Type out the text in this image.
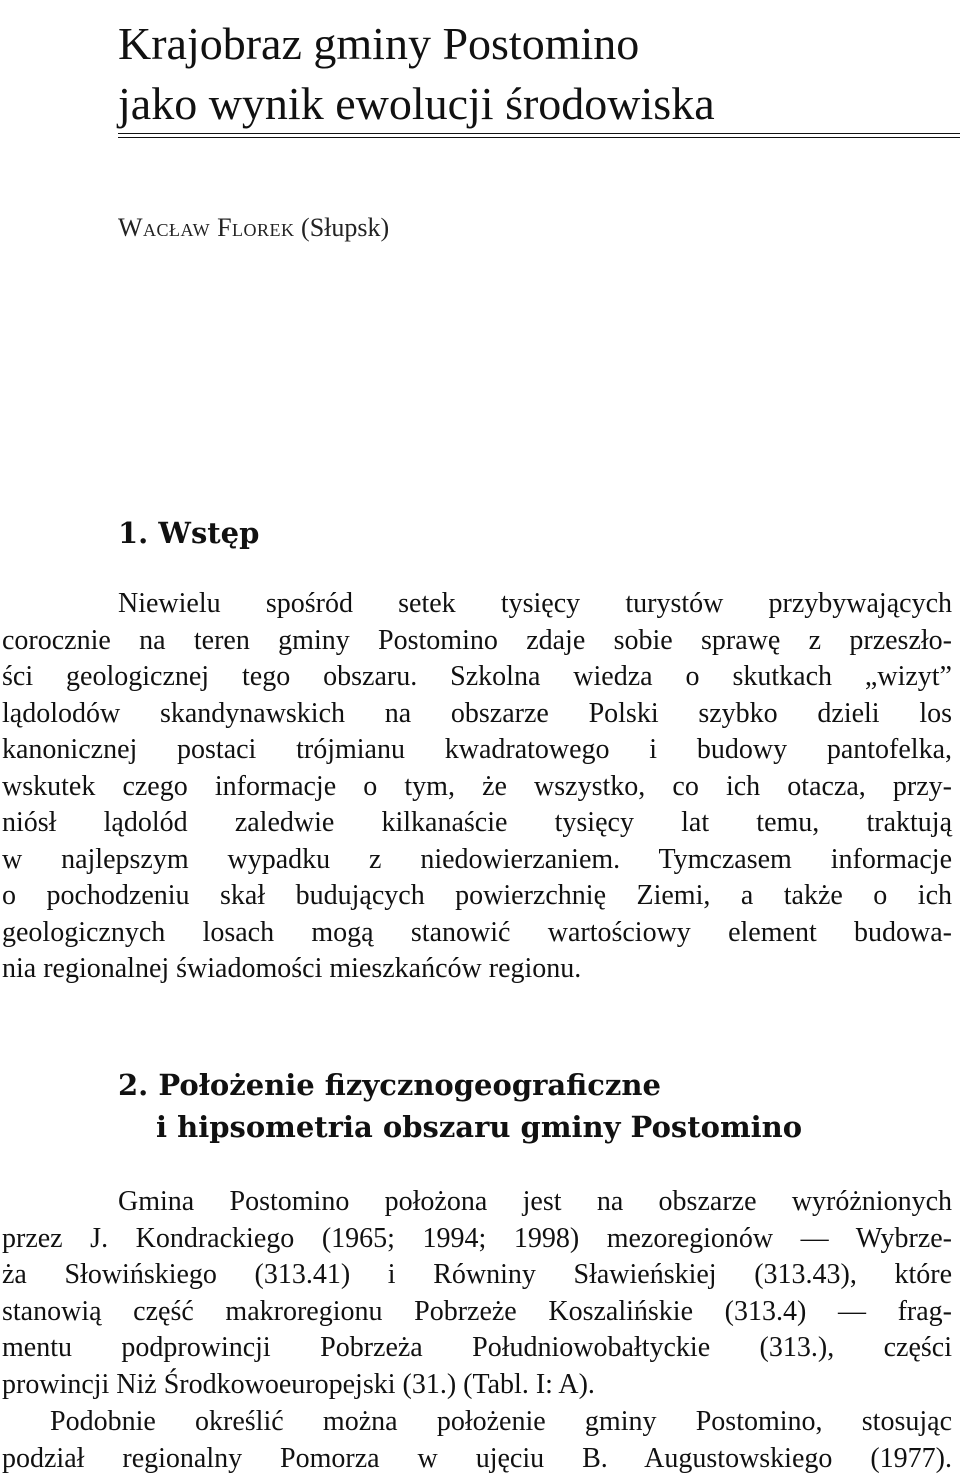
Krajobraz gminy Postomino
jako wynik ewolucji środowiska
Wacław Florek (Słupsk)
1. Wstęp
Niewielu spośród setek tysięcy turystów przybywających
corocznie na teren gminy Postomino zdaje sobie sprawę z przeszło-
ści geologicznej tego obszaru. Szkolna wiedza o skutkach „wizyt”
lądolodów skandynawskich na obszarze Polski szybko dzieli los
kanonicznej postaci trójmianu kwadratowego i budowy pantofelka,
wskutek czego informacje o tym, że wszystko, co ich otacza, przy-
niósł lądolód zaledwie kilkanaście tysięcy lat temu, traktują
w najlepszym wypadku z niedowierzaniem. Tymczasem informacje
o pochodzeniu skał budujących powierzchnię Ziemi, a także o ich
geologicznych losach mogą stanowić wartościowy element budowa-
nia regionalnej świadomości mieszkańców regionu.
2. Położenie fizycznogeograficzne
i hipsometria obszaru gminy Postomino
Gmina Postomino położona jest na obszarze wyróżnionych
przez J. Kondrackiego (1965; 1994; 1998) mezoregionów — Wybrze-
ża Słowińskiego (313.41) i Równiny Sławieńskiej (313.43), które
stanowią część makroregionu Pobrzeże Koszalińskie (313.4) — frag-
mentu podprowincji Pobrzeża Południowobałtyckie (313.), części
prowincji Niż Środkowoeuropejski (31.) (Tabl. I: A).
Podobnie określić można położenie gminy Postomino, stosując
podział regionalny Pomorza w ujęciu B. Augustowskiego (1977).
